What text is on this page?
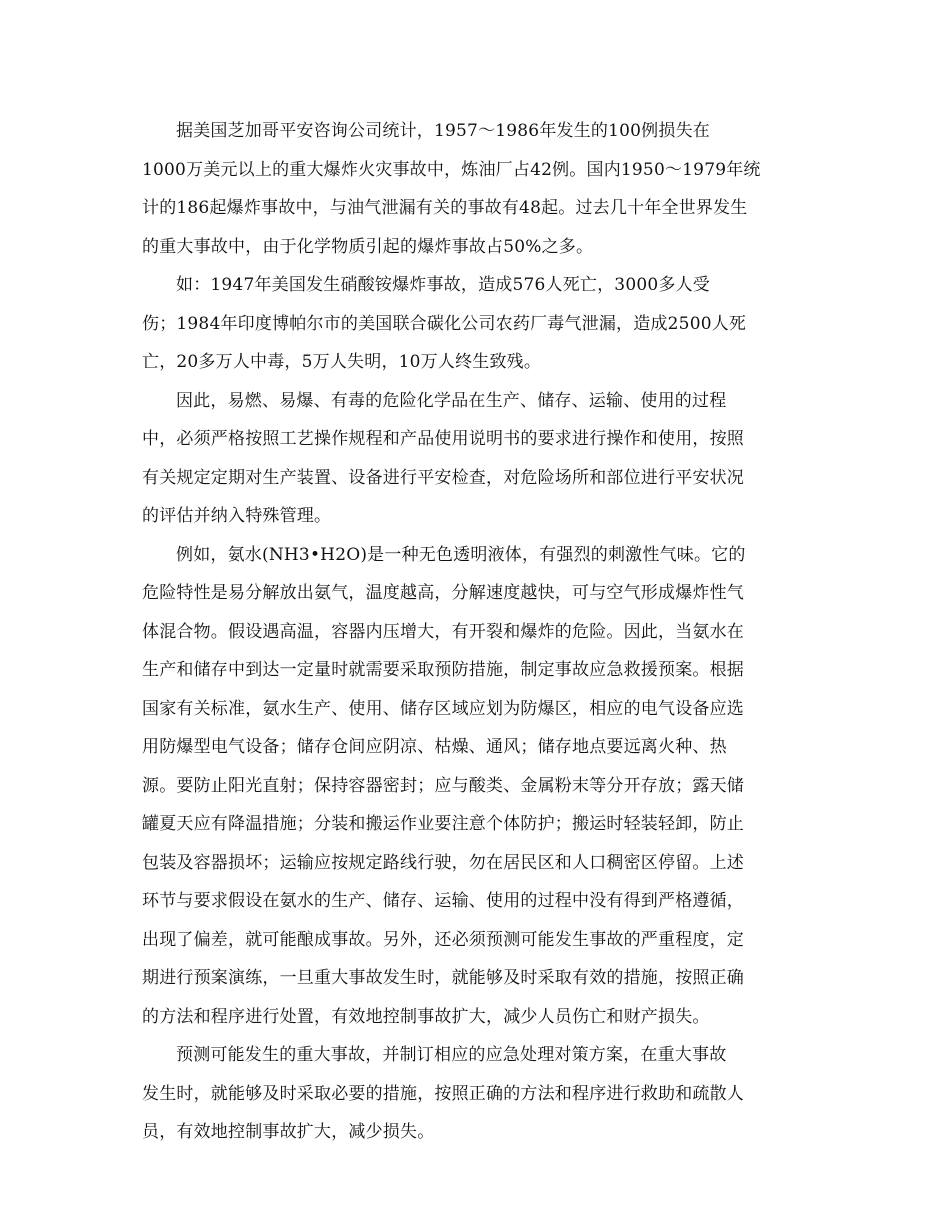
据美国芝加哥平安咨询公司统计，1957～1986年发生的100例损失在
1000万美元以上的重大爆炸火灾事故中，炼油厂占42例。国内1950～1979年统
计的186起爆炸事故中，与油气泄漏有关的事故有48起。过去几十年全世界发生
的重大事故中，由于化学物质引起的爆炸事故占50%之多。
如：1947年美国发生硝酸铵爆炸事故，造成576人死亡，3000多人受
伤；1984年印度博帕尔市的美国联合碳化公司农药厂毒气泄漏，造成2500人死
亡，20多万人中毒，5万人失明，10万人终生致残。
因此，易燃、易爆、有毒的危险化学品在生产、储存、运输、使用的过程
中，必须严格按照工艺操作规程和产品使用说明书的要求进行操作和使用，按照
有关规定定期对生产装置、设备进行平安检查，对危险场所和部位进行平安状况
的评估并纳入特殊管理。
例如，氨水(NH3•H2O)是一种无色透明液体，有强烈的刺激性气味。它的
危险特性是易分解放出氨气，温度越高，分解速度越快，可与空气形成爆炸性气
体混合物。假设遇高温，容器内压增大，有开裂和爆炸的危险。因此，当氨水在
生产和储存中到达一定量时就需要采取预防措施，制定事故应急救援预案。根据
国家有关标准，氨水生产、使用、储存区域应划为防爆区，相应的电气设备应选
用防爆型电气设备；储存仓间应阴凉、枯燥、通风；储存地点要远离火种、热
源。要防止阳光直射；保持容器密封；应与酸类、金属粉末等分开存放；露天储
罐夏天应有降温措施；分装和搬运作业要注意个体防护；搬运时轻装轻卸，防止
包装及容器损坏；运输应按规定路线行驶，勿在居民区和人口稠密区停留。上述
环节与要求假设在氨水的生产、储存、运输、使用的过程中没有得到严格遵循，
出现了偏差，就可能酿成事故。另外，还必须预测可能发生事故的严重程度，定
期进行预案演练，一旦重大事故发生时，就能够及时采取有效的措施，按照正确
的方法和程序进行处置，有效地控制事故扩大，减少人员伤亡和财产损失。
预测可能发生的重大事故，并制订相应的应急处理对策方案，在重大事故
发生时，就能够及时采取必要的措施，按照正确的方法和程序进行救助和疏散人
员，有效地控制事故扩大，减少损失。
